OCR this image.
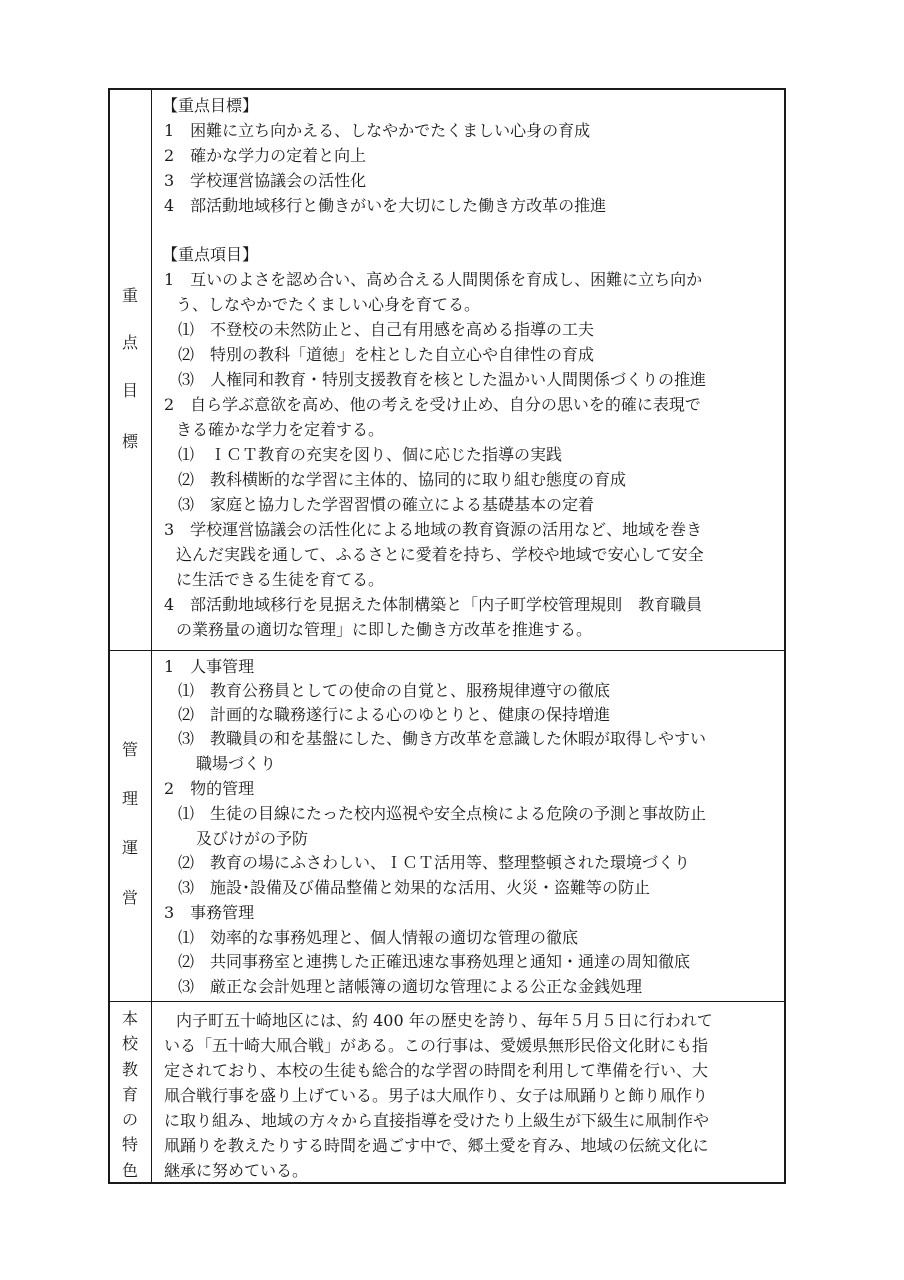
重
点
目
標
【重点目標】
1　困難に立ち向かえる、しなやかでたくましい心身の育成
2　確かな学力の定着と向上
3　学校運営協議会の活性化
4　部活動地域移行と働きがいを大切にした働き方改革の推進
【重点項目】
1　互いのよさを認め合い、高め合える人間関係を育成し、困難に立ち向か
う、しなやかでたくましい心身を育てる。
⑴　不登校の未然防止と、自己有用感を高める指導の工夫
⑵　特別の教科「道徳」を柱とした自立心や自律性の育成
⑶　人権同和教育・特別支援教育を核とした温かい人間関係づくりの推進
2　自ら学ぶ意欲を高め、他の考えを受け止め、自分の思いを的確に表現で
きる確かな学力を定着する。
⑴　ＩＣＴ教育の充実を図り、個に応じた指導の実践
⑵　教科横断的な学習に主体的、協同的に取り組む態度の育成
⑶　家庭と協力した学習習慣の確立による基礎基本の定着
3　学校運営協議会の活性化による地域の教育資源の活用など、地域を巻き
込んだ実践を通して、ふるさとに愛着を持ち、学校や地域で安心して安全
に生活できる生徒を育てる。
4　部活動地域移行を見据えた体制構築と「内子町学校管理規則　教育職員
の業務量の適切な管理」に即した働き方改革を推進する。
管
理
運
営
1　人事管理
⑴　教育公務員としての使命の自覚と、服務規律遵守の徹底
⑵　計画的な職務遂行による心のゆとりと、健康の保持増進
⑶　教職員の和を基盤にした、働き方改革を意識した休暇が取得しやすい
職場づくり
2　物的管理
⑴　生徒の目線にたった校内巡視や安全点検による危険の予測と事故防止
及びけがの予防
⑵　教育の場にふさわしい、ＩＣＴ活用等、整理整頓された環境づくり
⑶　施設･設備及び備品整備と効果的な活用、火災・盗難等の防止
3　事務管理
⑴　効率的な事務処理と、個人情報の適切な管理の徹底
⑵　共同事務室と連携した正確迅速な事務処理と通知・通達の周知徹底
⑶　厳正な会計処理と諸帳簿の適切な管理による公正な金銭処理
本
校
教
育
の
特
色
内子町五十崎地区には、約 400 年の歴史を誇り、毎年５月５日に行われて
いる「五十崎大凧合戦」がある。この行事は、愛媛県無形民俗文化財にも指
定されており、本校の生徒も総合的な学習の時間を利用して準備を行い、大
凧合戦行事を盛り上げている。男子は大凧作り、女子は凧踊りと飾り凧作り
に取り組み、地域の方々から直接指導を受けたり上級生が下級生に凧制作や
凧踊りを教えたりする時間を過ごす中で、郷土愛を育み、地域の伝統文化に
継承に努めている。
